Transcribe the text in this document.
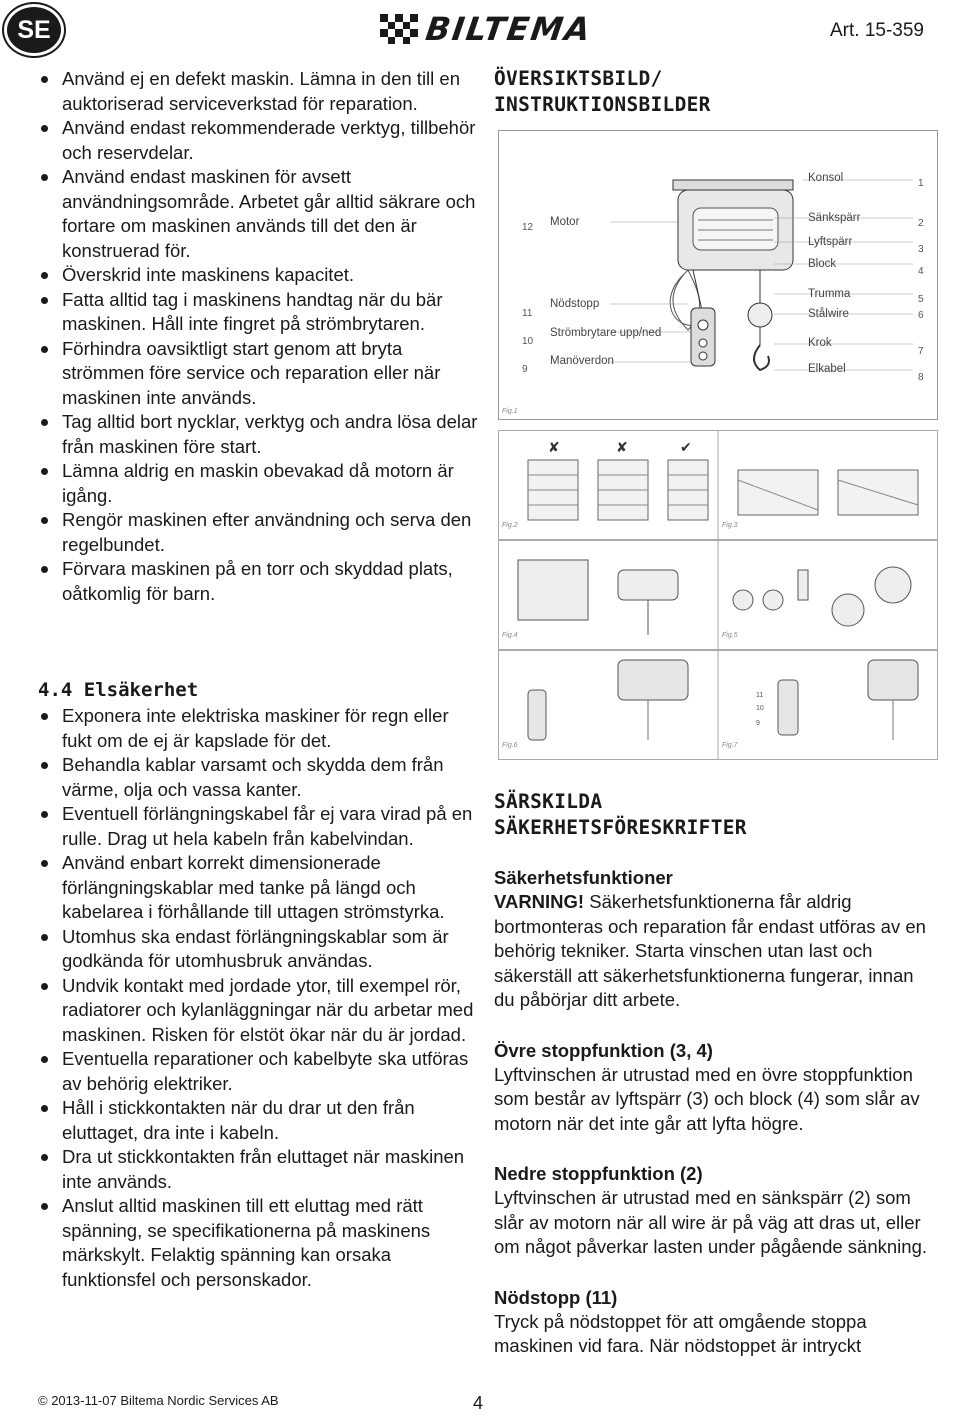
SE	BILTEMA	Art. 15-359
Använd ej en defekt maskin. Lämna in den till en auktoriserad serviceverkstad för reparation.
Använd endast rekommenderade verktyg, tillbehör och reservdelar.
Använd endast maskinen för avsett användningsområde. Arbetet går alltid säkrare och fortare om maskinen används till det den är konstruerad för.
Överskrid inte maskinens kapacitet.
Fatta alltid tag i maskinens handtag när du bär maskinen. Håll inte fingret på strömbrytaren.
Förhindra oavsiktligt start genom att bryta strömmen före service och reparation eller när maskinen inte används.
Tag alltid bort nycklar, verktyg och andra lösa delar från maskinen före start.
Lämna aldrig en maskin obevakad då motorn är igång.
Rengör maskinen efter användning och serva den regelbundet.
Förvara maskinen på en torr och skyddad plats, oåtkomlig för barn.
4.4 Elsäkerhet
Exponera inte elektriska maskiner för regn eller fukt om de ej är kapslade för det.
Behandla kablar varsamt och skydda dem från värme, olja och vassa kanter.
Eventuell förlängningskabel får ej vara virad på en rulle. Drag ut hela kabeln från kabelvindan.
Använd enbart korrekt dimensionerade förlängningskablar med tanke på längd och kabelarea i förhållande till uttagen strömstyrka.
Utomhus ska endast förlängningskablar som är godkända för utomhusbruk användas.
Undvik kontakt med jordade ytor, till exempel rör, radiatorer och kylanläggningar när du arbetar med maskinen. Risken för elstöt ökar när du är jordad.
Eventuella reparationer och kabelbyte ska utföras av behörig elektriker.
Håll i stickkontakten när du drar ut den från eluttaget, dra inte i kabeln.
Dra ut stickkontakten från eluttaget när maskinen inte används.
Anslut alltid maskinen till ett eluttag med rätt spänning, se specifikationerna på maskinens märkskylt. Felaktig spänning kan orsaka funktionsfel och personskador.
ÖVERSIKTSBILD/
INSTRUKTIONSBILDER
12 Motor
11
Nödstopp
10
Strömbrytare upp/ned
9
Manöverdon
Konsol	1
Sänkspärr	2
Lyftspärr
3
Block
4
Trumma	5
Stålwire	6
Krok
7
Elkabel
8
Fig.1
✘	✘	✔
Fig.2	Fig.3
Fig.4	Fig.5
11
10
9
Fig.6	Fig.7
SÄRSKILDA
SÄKERHETSFÖRESKRIFTER

Säkerhetsfunktioner

VARNING! Säkerhetsfunktionerna får aldrig bortmonteras och reparation får endast utföras av en behörig tekniker. Starta vinschen utan last och säkerställ att säkerhetsfunktionerna fungerar, innan du påbörjar ditt arbete.

Övre stoppfunktion (3, 4)

Lyftvinschen är utrustad med en övre stoppfunktion som består av lyftspärr (3) och block (4) som slår av motorn när det inte går att lyfta högre.

Nedre stoppfunktion (2)

Lyftvinschen är utrustad med en sänkspärr (2) som slår av motorn när all wire är på väg att dras ut, eller om något påverkar lasten under pågående sänkning.

Nödstopp (11)

Tryck på nödstoppet för att omgående stoppa maskinen vid fara. När nödstoppet är intryckt

© 2013-11-07 Biltema Nordic Services AB	4
